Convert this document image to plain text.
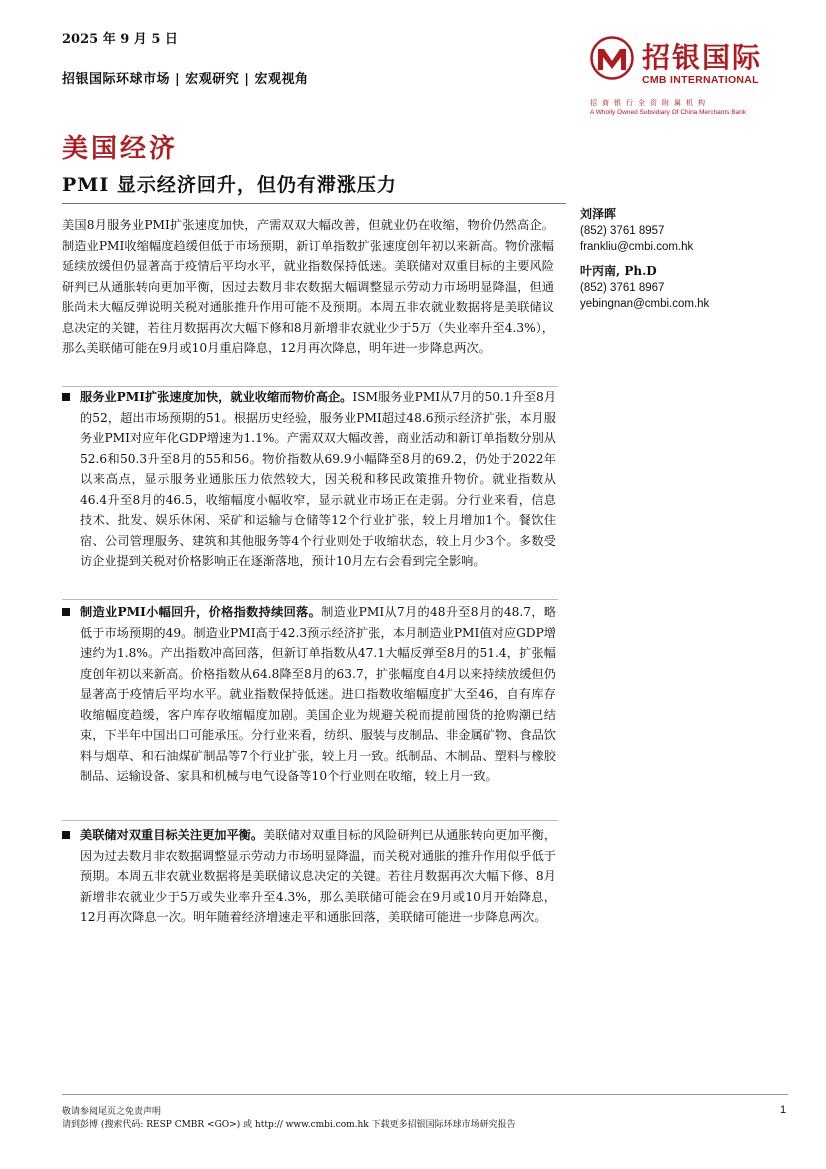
2025 年 9 月 5 日
招银国际环球市场 | 宏观研究 | 宏观视角
招银国际
CMB INTERNATIONAL
招商银行全资附属机构
A Wholly Owned Subsidiary Of China Merchants Bank
美国经济
PMI 显示经济回升，但仍有滞涨压力
美国8月服务业PMI扩张速度加快，产需双双大幅改善，但就业仍在收缩，物价仍然高企。制造业PMI收缩幅度趋缓但低于市场预期，新订单指数扩张速度创年初以来新高。物价涨幅延续放缓但仍显著高于疫情后平均水平，就业指数保持低迷。美联储对双重目标的主要风险研判已从通胀转向更加平衡，因过去数月非农数据大幅调整显示劳动力市场明显降温，但通胀尚未大幅反弹说明关税对通胀推升作用可能不及预期。本周五非农就业数据将是美联储议息决定的关键，若往月数据再次大幅下修和8月新增非农就业少于5万（失业率升至4.3%），那么美联储可能在9月或10月重启降息，12月再次降息，明年进一步降息两次。
服务业PMI扩张速度加快，就业收缩而物价高企。ISM服务业PMI从7月的50.1升至8月的52，超出市场预期的51。根据历史经验，服务业PMI超过48.6预示经济扩张，本月服务业PMI对应年化GDP增速为1.1%。产需双双大幅改善，商业活动和新订单指数分别从52.6和50.3升至8月的55和56。物价指数从69.9小幅降至8月的69.2，仍处于2022年以来高点，显示服务业通胀压力依然较大，因关税和移民政策推升物价。就业指数从46.4升至8月的46.5，收缩幅度小幅收窄，显示就业市场正在走弱。分行业来看，信息技术、批发、娱乐休闲、采矿和运输与仓储等12个行业扩张，较上月增加1个。餐饮住宿、公司管理服务、建筑和其他服务等4个行业则处于收缩状态，较上月少3个。多数受访企业提到关税对价格影响正在逐渐落地，预计10月左右会看到完全影响。
制造业PMI小幅回升，价格指数持续回落。制造业PMI从7月的48升至8月的48.7，略低于市场预期的49。制造业PMI高于42.3预示经济扩张，本月制造业PMI值对应GDP增速约为1.8%。产出指数冲高回落，但新订单指数从47.1大幅反弹至8月的51.4，扩张幅度创年初以来新高。价格指数从64.8降至8月的63.7，扩张幅度自4月以来持续放缓但仍显著高于疫情后平均水平。就业指数保持低迷。进口指数收缩幅度扩大至46，自有库存收缩幅度趋缓，客户库存收缩幅度加剧。美国企业为规避关税而提前囤货的抢购潮已结束，下半年中国出口可能承压。分行业来看，纺织、服装与皮制品、非金属矿物、食品饮料与烟草、和石油煤矿制品等7个行业扩张，较上月一致。纸制品、木制品、塑料与橡胶制品、运输设备、家具和机械与电气设备等10个行业则在收缩，较上月一致。
美联储对双重目标关注更加平衡。美联储对双重目标的风险研判已从通胀转向更加平衡，因为过去数月非农数据调整显示劳动力市场明显降温，而关税对通胀的推升作用似乎低于预期。本周五非农就业数据将是美联储议息决定的关键。若往月数据再次大幅下修、8月新增非农就业少于5万或失业率升至4.3%，那么美联储可能会在9月或10月开始降息，12月再次降息一次。明年随着经济增速走平和通胀回落，美联储可能进一步降息两次。
刘泽晖
(852) 3761 8957
frankliu@cmbi.com.hk
叶丙南, Ph.D
(852) 3761 8967
yebingnan@cmbi.com.hk
敬请参阅尾页之免责声明
请到彭博 (搜索代码: RESP CMBR <GO>) 或 http:// www.cmbi.com.hk 下载更多招银国际环球市场研究报告
1
